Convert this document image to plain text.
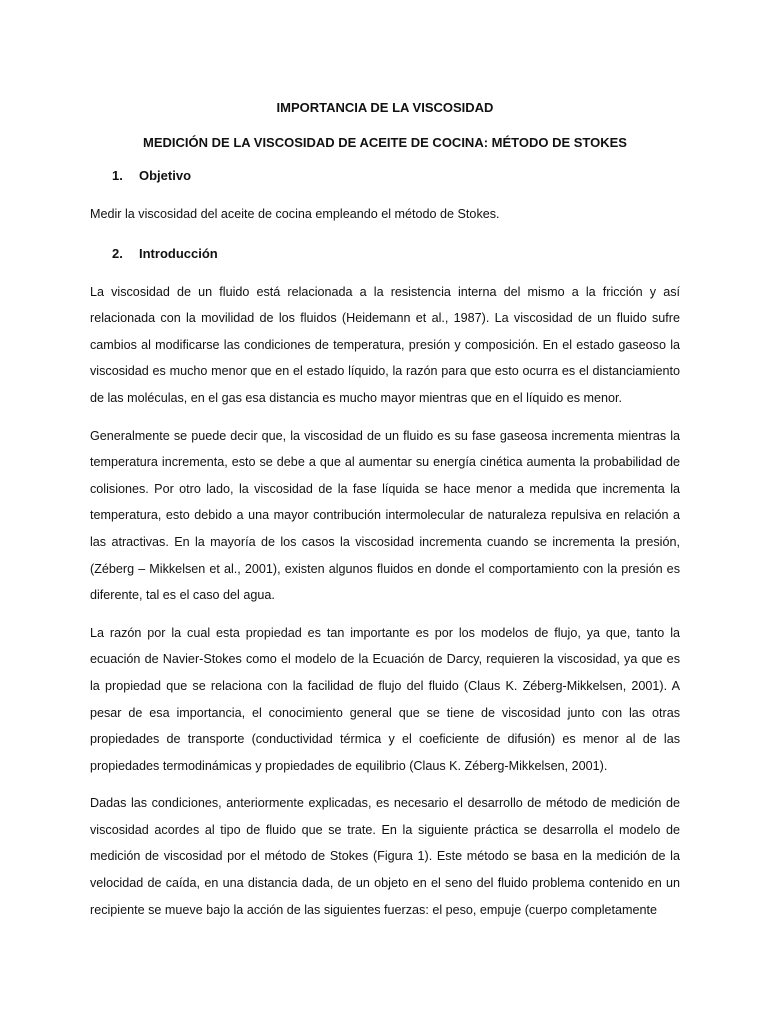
IMPORTANCIA DE LA VISCOSIDAD
MEDICIÓN DE LA VISCOSIDAD DE ACEITE DE COCINA: MÉTODO DE STOKES
1.	Objetivo

Medir la viscosidad del aceite de cocina empleando el método de Stokes.

2.	Introducción

La viscosidad de un fluido está relacionada a la resistencia interna del mismo a la fricción y así relacionada con la movilidad de los fluidos (Heidemann et al., 1987). La viscosidad de un fluido sufre cambios al modificarse las condiciones de temperatura, presión y composición. En el estado gaseoso la viscosidad es mucho menor que en el estado líquido, la razón para que esto ocurra es el distanciamiento de las moléculas, en el gas esa distancia es mucho mayor mientras que en el líquido es menor.

Generalmente se puede decir que, la viscosidad de un fluido es su fase gaseosa incrementa mientras la temperatura incrementa, esto se debe a que al aumentar su energía cinética aumenta la probabilidad de colisiones. Por otro lado, la viscosidad de la fase líquida se hace menor a medida que incrementa la temperatura, esto debido a una mayor contribución intermolecular de naturaleza repulsiva en relación a las atractivas. En la mayoría de los casos la viscosidad incrementa cuando se incrementa la presión, (Zéberg – Mikkelsen et al., 2001), existen algunos fluidos en donde el comportamiento con la presión es diferente, tal es el caso del agua.

La razón por la cual esta propiedad es tan importante es por los modelos de flujo, ya que, tanto la ecuación de Navier-Stokes como el modelo de la Ecuación de Darcy, requieren la viscosidad, ya que es la propiedad que se relaciona con la facilidad de flujo del fluido (Claus K. Zéberg-Mikkelsen, 2001). A pesar de esa importancia, el conocimiento general que se tiene de viscosidad junto con las otras propiedades de transporte (conductividad térmica y el coeficiente de difusión) es menor al de las propiedades termodinámicas y propiedades de equilibrio (Claus K. Zéberg-Mikkelsen, 2001).

Dadas las condiciones, anteriormente explicadas, es necesario el desarrollo de método de medición de viscosidad acordes al tipo de fluido que se trate. En la siguiente práctica se desarrolla el modelo de medición de viscosidad por el método de Stokes (Figura 1). Este método se basa en la medición de la velocidad de caída, en una distancia dada, de un objeto en el seno del fluido problema contenido en un recipiente se mueve bajo la acción de las siguientes fuerzas: el peso, empuje (cuerpo completamente
